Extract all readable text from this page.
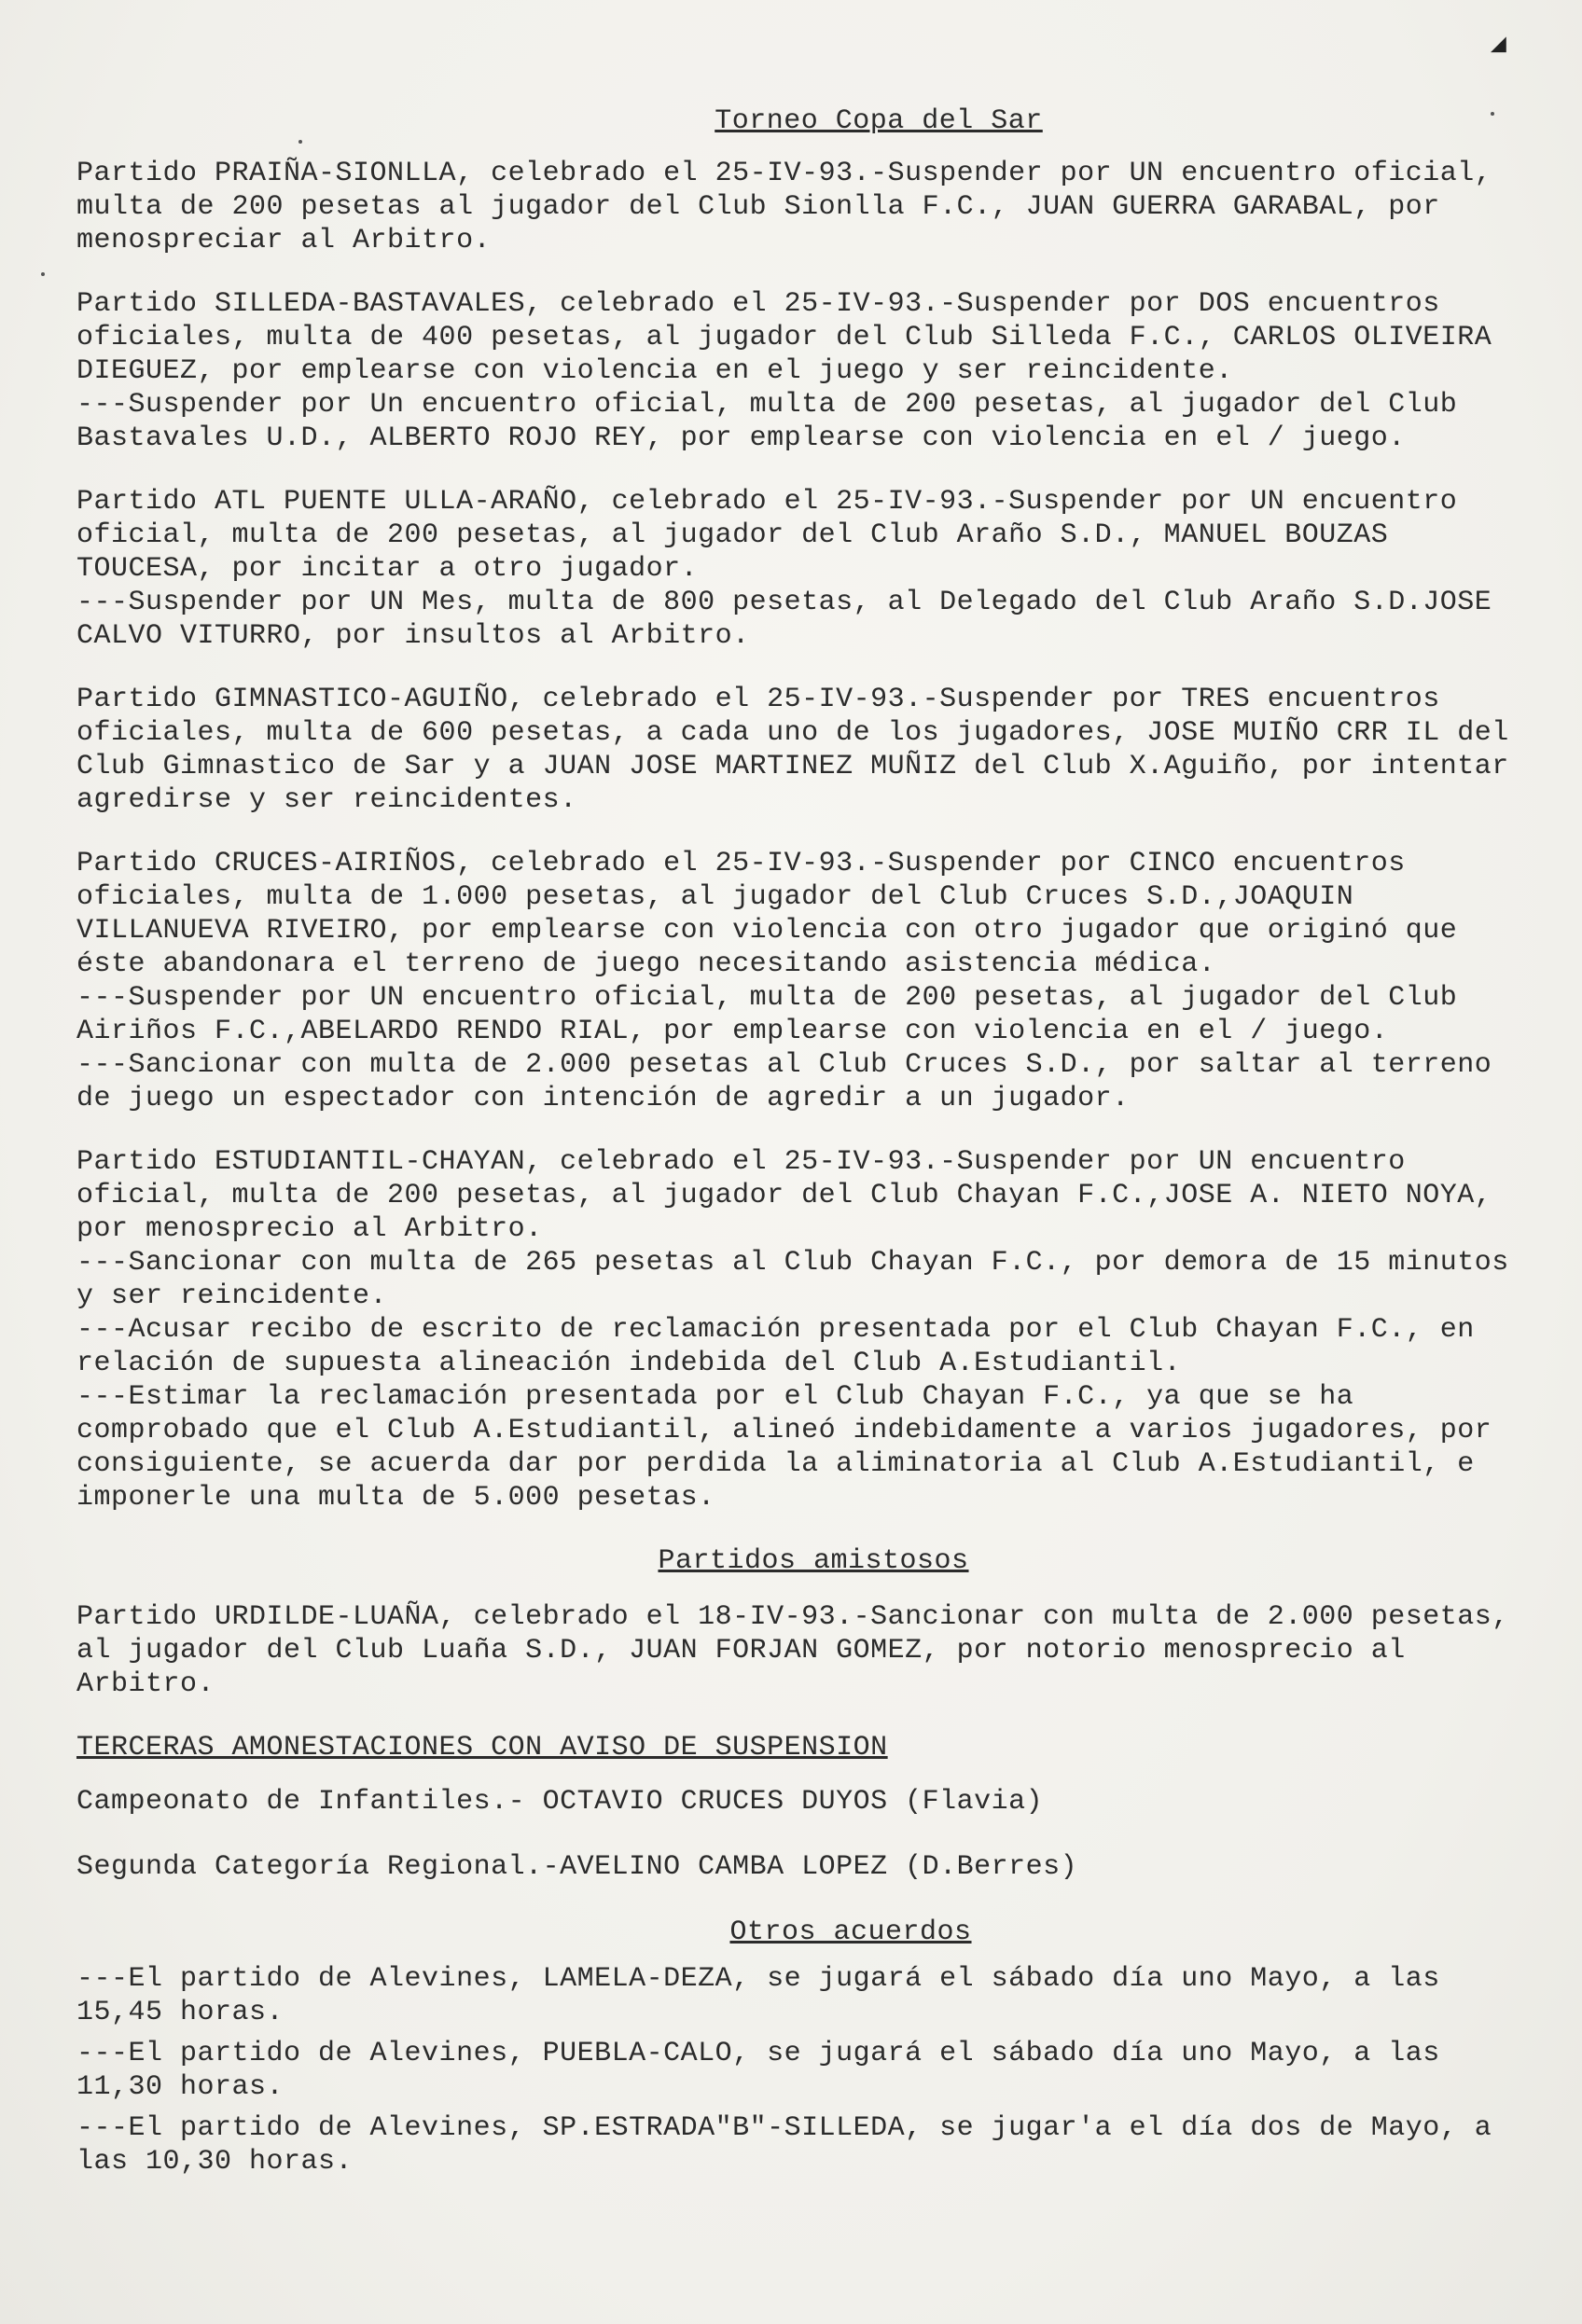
◢
Torneo Copa del Sar

Partido PRAIÑA-SIONLLA, celebrado el 25-IV-93.-Suspender por UN encuentro oficial, multa de 200 pesetas al jugador del Club Sionlla F.C., JUAN GUERRA GARABAL, por menospreciar al Arbitro.

Partido SILLEDA-BASTAVALES, celebrado el 25-IV-93.-Suspender por DOS encuentros oficiales, multa de 400 pesetas, al jugador del Club Silleda F.C., CARLOS OLIVEIRA DIEGUEZ, por emplearse con violencia en el juego y ser reincidente.

---Suspender por Un encuentro oficial, multa de 200 pesetas, al jugador del Club Bastavales U.D., ALBERTO ROJO REY, por emplearse con violencia en el / juego.

Partido ATL PUENTE ULLA-ARAÑO, celebrado el 25-IV-93.-Suspender por UN encuentro oficial, multa de 200 pesetas, al jugador del Club Araño S.D., MANUEL BOUZAS TOUCESA, por incitar a otro jugador.

---Suspender por UN Mes, multa de 800 pesetas, al Delegado del Club Araño S.D.JOSE CALVO VITURRO, por insultos al Arbitro.

Partido GIMNASTICO-AGUIÑO, celebrado el 25-IV-93.-Suspender por TRES encuentros oficiales, multa de 600 pesetas, a cada uno de los jugadores, JOSE MUIÑO CRR IL del Club Gimnastico de Sar y a JUAN JOSE MARTINEZ MUÑIZ del Club X.Aguiño, por intentar agredirse y ser reincidentes.

Partido CRUCES-AIRIÑOS, celebrado el 25-IV-93.-Suspender por CINCO encuentros oficiales, multa de 1.000 pesetas, al jugador del Club Cruces S.D.,JOAQUIN VILLANUEVA RIVEIRO, por emplearse con violencia con otro jugador que originó que éste abandonara el terreno de juego necesitando asistencia médica.

---Suspender por UN encuentro oficial, multa de 200 pesetas, al jugador del Club Airiños F.C.,ABELARDO RENDO RIAL, por emplearse con violencia en el / juego.

---Sancionar con multa de 2.000 pesetas al Club Cruces S.D., por saltar al terreno de juego un espectador con intención de agredir a un jugador.

Partido ESTUDIANTIL-CHAYAN, celebrado el 25-IV-93.-Suspender por UN encuentro oficial, multa de 200 pesetas, al jugador del Club Chayan F.C.,JOSE A. NIETO NOYA, por menosprecio al Arbitro.

---Sancionar con multa de 265 pesetas al Club Chayan F.C., por demora de 15 minutos y ser reincidente.

---Acusar recibo de escrito de reclamación presentada por el Club Chayan F.C., en relación de supuesta alineación indebida del Club A.Estudiantil.

---Estimar la reclamación presentada por el Club Chayan F.C., ya que se ha comprobado que el Club A.Estudiantil, alineó indebidamente a varios jugadores, por consiguiente, se acuerda dar por perdida la aliminatoria al Club A.Estudiantil, e imponerle una multa de 5.000 pesetas.

Partidos amistosos

Partido URDILDE-LUAÑA, celebrado el 18-IV-93.-Sancionar con multa de 2.000 pesetas, al jugador del Club Luaña S.D., JUAN FORJAN GOMEZ, por notorio menosprecio al Arbitro.

TERCERAS AMONESTACIONES CON AVISO DE SUSPENSION
Campeonato de Infantiles.- OCTAVIO CRUCES DUYOS (Flavia)
Segunda Categoría Regional.-AVELINO CAMBA LOPEZ (D.Berres)
Otros acuerdos

---El partido de Alevines, LAMELA-DEZA, se jugará el sábado día uno Mayo, a las 15,45 horas.

---El partido de Alevines, PUEBLA-CALO, se jugará el sábado día uno Mayo, a las 11,30 horas.

---El partido de Alevines, SP.ESTRADA"B"-SILLEDA, se jugar'a el día dos de Mayo, a las 10,30 horas.
